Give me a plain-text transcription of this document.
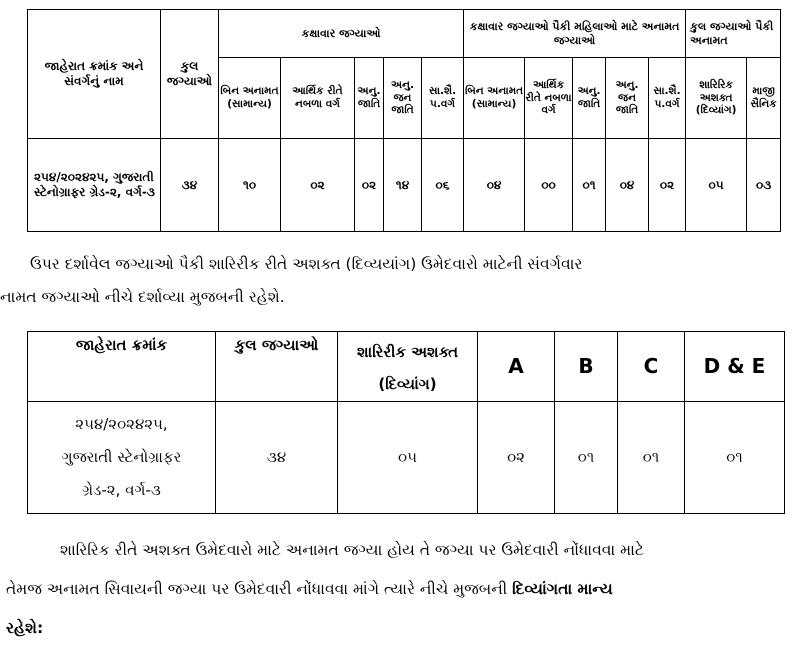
જાહેરાત ક્રમાંક અને સંવર્ગનું નામ	કુલ જગ્યાઓ	કક્ષાવાર જગ્યાઓ					કક્ષાવાર જગ્યાઓ પૈકી મહિલાઓ માટે અનામત જગ્યાઓ					કુલ જગ્યાઓ પૈકી અનામત	
		બિન અનામત (સામાન્ય)	આર્થિક રીતે નબળા વર્ગ	અનુ. જાતિ	અનુ. જન જાતિ	સા.શૈ. પ.વર્ગ	બિન અનામત (સામાન્ય)	આર્થિક રીતે નબળા વર્ગ	અનુ. જાતિ	અનુ. જન જાતિ	સા.શૈ. પ.વર્ગ	શારિરિક અશક્ત (દિવ્યાંગ)	માજી સૈનિક
૨૫૪/૨૦૨૪૨૫, ગુજરાતી સ્ટેનોગ્રાફર ગ્રેડ-૨, વર્ગ-૩	૩૪	૧૦	૦૨	૦૨	૧૪	૦૬	૦૪	૦૦	૦૧	૦૪	૦૨	૦૫	૦૩
ઉપર દર્શાવેલ જગ્યાઓ પૈકી શારિરીક રીતે અશક્ત (દિવ્યયાંગ) ઉમેદવારો માટેની સંવર્ગવાર
નામત જગ્યાઓ નીચે દર્શાવ્યા મુજબની રહેશે.
જાહેરાત ક્રમાંક	કુલ જગ્યાઓ	શારિરીક અશક્ત (દિવ્યાંગ)	A	B	C	D & E

૨૫૪/૨૦૨૪૨૫,
ગુજરાતી સ્ટેનોગ્રાફર
ગ્રેડ-૨, વર્ગ-૩	૩૪	૦૫	૦૨	૦૧	૦૧	૦૧
શારિરિક રીતે અશક્ત ઉમેદવારો માટે અનામત જગ્યા હોય તે જગ્યા પર ઉમેદવારી નોંધાવવા માટે
તેમજ અનામત સિવાયની જગ્યા પર ઉમેદવારી નોંધાવવા માંગે ત્યારે નીચે મુજબની દિવ્યાંગતા માન્ય
રહેશે:
